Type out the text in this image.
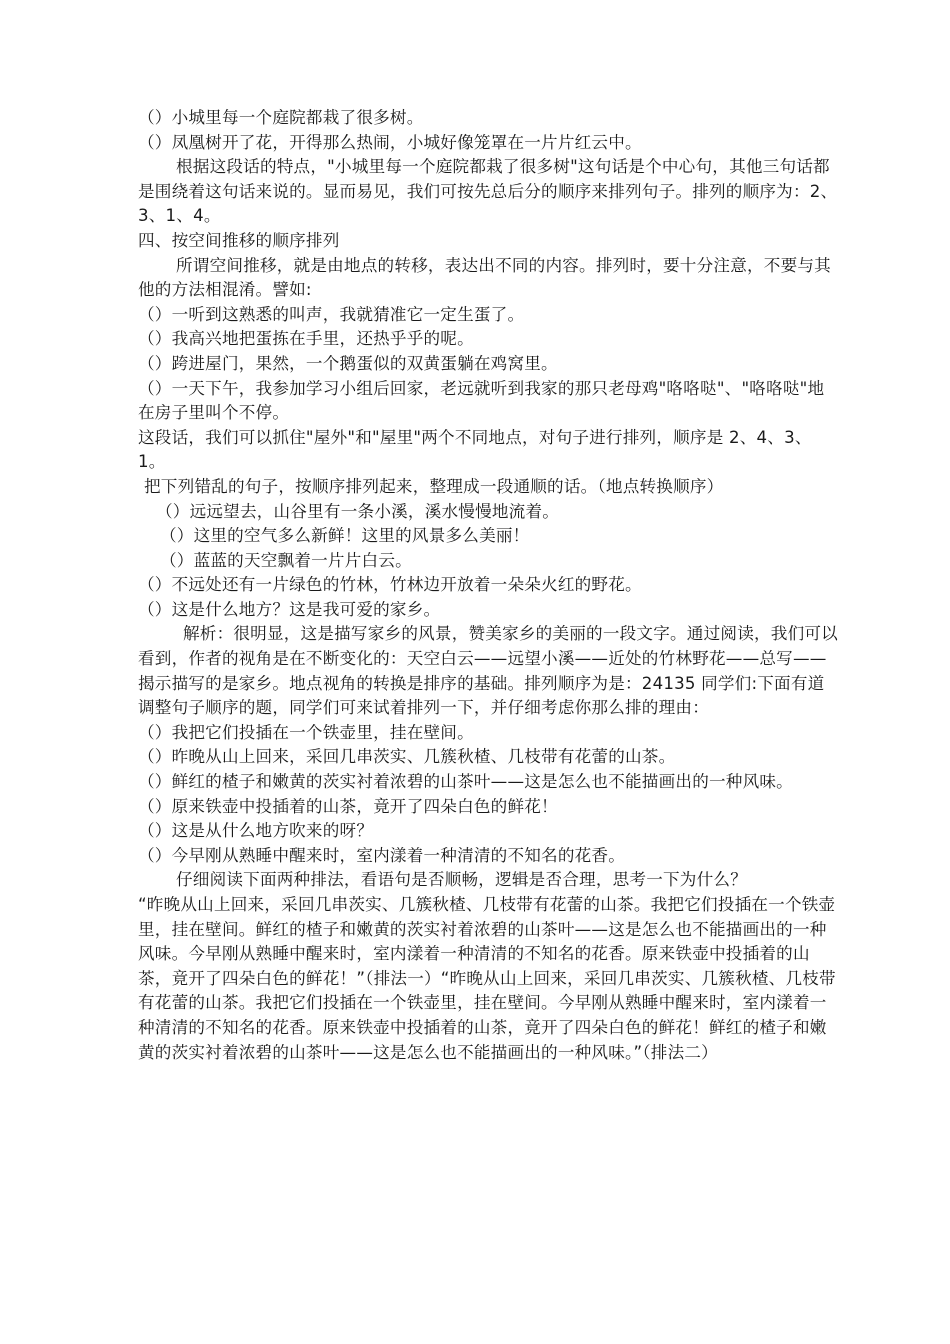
（）小城里每一个庭院都栽了很多树。
（）凤凰树开了花，开得那么热闹，小城好像笼罩在一片片红云中。
根据这段话的特点，"小城里每一个庭院都栽了很多树"这句话是个中心句，其他三句话都是围绕着这句话来说的。显而易见，我们可按先总后分的顺序来排列句子。排列的顺序为：2、3、1、4。
四、按空间推移的顺序排列
所谓空间推移，就是由地点的转移，表达出不同的内容。排列时，要十分注意，不要与其他的方法相混淆。譬如:
（）一听到这熟悉的叫声，我就猜准它一定生蛋了。
（）我高兴地把蛋拣在手里，还热乎乎的呢。
（）跨进屋门，果然，一个鹅蛋似的双黄蛋躺在鸡窝里。
（）一天下午，我参加学习小组后回家，老远就听到我家的那只老母鸡"咯咯哒"、"咯咯哒"地在房子里叫个不停。
这段话，我们可以抓住"屋外"和"屋里"两个不同地点，对句子进行排列，顺序是 2、4、3、1。
把下列错乱的句子，按顺序排列起来，整理成一段通顺的话。（地点转换顺序）
（）远远望去，山谷里有一条小溪，溪水慢慢地流着。
（）这里的空气多么新鲜！这里的风景多么美丽！
（）蓝蓝的天空飘着一片片白云。
（）不远处还有一片绿色的竹林，竹林边开放着一朵朵火红的野花。
（）这是什么地方？这是我可爱的家乡。
解析：很明显，这是描写家乡的风景，赞美家乡的美丽的一段文字。通过阅读，我们可以看到，作者的视角是在不断变化的：天空白云——远望小溪——近处的竹林野花——总写——揭示描写的是家乡。地点视角的转换是排序的基础。排列顺序为是：24135 同学们:下面有道调整句子顺序的题，同学们可来试着排列一下，并仔细考虑你那么排的理由：
（）我把它们投插在一个铁壶里，挂在壁间。
（）昨晚从山上回来，采回几串茨实、几簇秋楂、几枝带有花蕾的山茶。
（）鲜红的楂子和嫩黄的茨实衬着浓碧的山茶叶——这是怎么也不能描画出的一种风味。
（）原来铁壶中投插着的山茶，竟开了四朵白色的鲜花！
（）这是从什么地方吹来的呀？
（）今早刚从熟睡中醒来时，室内漾着一种清清的不知名的花香。
仔细阅读下面两种排法，看语句是否顺畅，逻辑是否合理，思考一下为什么？
“昨晚从山上回来，采回几串茨实、几簇秋楂、几枝带有花蕾的山茶。我把它们投插在一个铁壶里，挂在壁间。鲜红的楂子和嫩黄的茨实衬着浓碧的山茶叶——这是怎么也不能描画出的一种风味。今早刚从熟睡中醒来时，室内漾着一种清清的不知名的花香。原来铁壶中投插着的山茶，竟开了四朵白色的鲜花！”（排法一）“昨晚从山上回来，采回几串茨实、几簇秋楂、几枝带有花蕾的山茶。我把它们投插在一个铁壶里，挂在壁间。今早刚从熟睡中醒来时，室内漾着一种清清的不知名的花香。原来铁壶中投插着的山茶，竟开了四朵白色的鲜花！鲜红的楂子和嫩黄的茨实衬着浓碧的山茶叶——这是怎么也不能描画出的一种风味。”（排法二）
